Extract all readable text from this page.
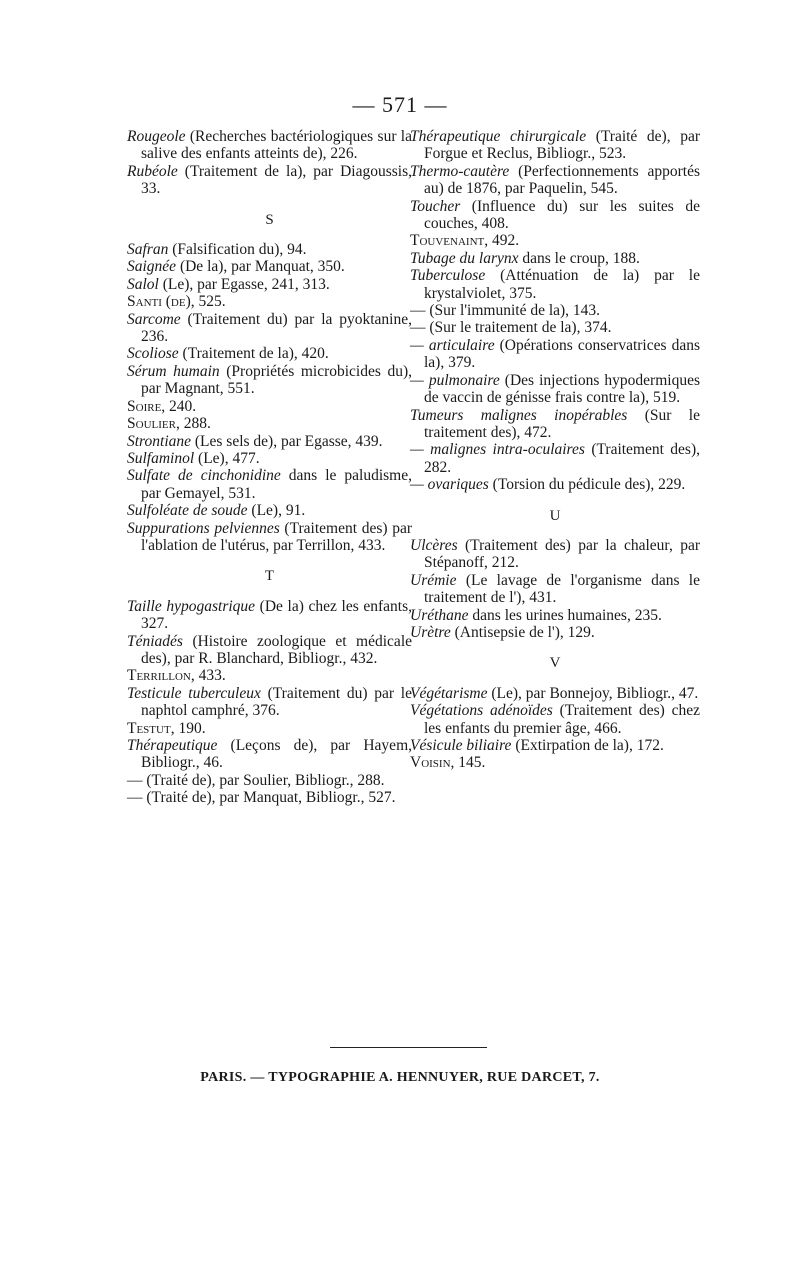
— 571 —
Rougeole (Recherches bactériologiques sur la salive des enfants atteints de), 226.
Rubéole (Traitement de la), par Diagoussis, 33.
S
Safran (Falsification du), 94.
Saignée (De la), par Manquat, 350.
Salol (Le), par Egasse, 241, 313.
Santi (de), 525.
Sarcome (Traitement du) par la pyoktanine, 236.
Scoliose (Traitement de la), 420.
Sérum humain (Propriétés microbicides du), par Magnant, 551.
Soire, 240.
Soulier, 288.
Strontiane (Les sels de), par Egasse, 439.
Sulfaminol (Le), 477.
Sulfate de cinchonidine dans le paludisme, par Gemayel, 531.
Sulfoléate de soude (Le), 91.
Suppurations pelviennes (Traitement des) par l'ablation de l'utérus, par Terrillon, 433.
T
Taille hypogastrique (De la) chez les enfants, 327.
Téniadés (Histoire zoologique et médicale des), par R. Blanchard, Bibliogr., 432.
Terrillon, 433.
Testicule tuberculeux (Traitement du) par le naphtol camphré, 376.
Testut, 190.
Thérapeutique (Leçons de), par Hayem, Bibliogr., 46.
— (Traité de), par Soulier, Bibliogr., 288.
— (Traité de), par Manquat, Bibliogr., 527.
Thérapeutique chirurgicale (Traité de), par Forgue et Reclus, Bibliogr., 523.
Thermo-cautère (Perfectionnements apportés au) de 1876, par Paquelin, 545.
Toucher (Influence du) sur les suites de couches, 408.
Touvenaint, 492.
Tubage du larynx dans le croup, 188.
Tuberculose (Atténuation de la) par le krystalviolet, 375.
— (Sur l'immunité de la), 143.
— (Sur le traitement de la), 374.
— articulaire (Opérations conservatrices dans la), 379.
— pulmonaire (Des injections hypodermiques de vaccin de génisse frais contre la), 519.
Tumeurs malignes inopérables (Sur le traitement des), 472.
— malignes intra-oculaires (Traitement des), 282.
— ovariques (Torsion du pédicule des), 229.
U
Ulcères (Traitement des) par la chaleur, par Stépanoff, 212.
Urémie (Le lavage de l'organisme dans le traitement de l'), 431.
Uréthane dans les urines humaines, 235.
Urètre (Antisepsie de l'), 129.
V
Végétarisme (Le), par Bonnejoy, Bibliogr., 47.
Végétations adénoïdes (Traitement des) chez les enfants du premier âge, 466.
Vésicule biliaire (Extirpation de la), 172.
Voisin, 145.
PARIS. — TYPOGRAPHIE A. HENNUYER, RUE DARCET, 7.
